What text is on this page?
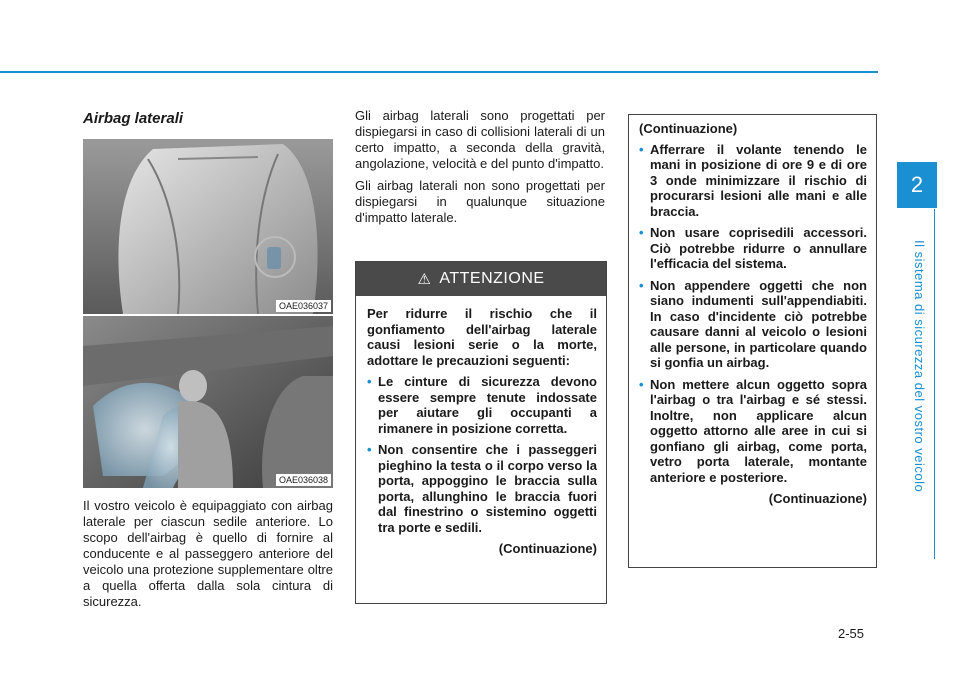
2
Il sistema di sicurezza del vostro veicolo
2-55
Airbag laterali
OAE036037
OAE036038

Il vostro veicolo è equipaggiato con airbag laterale per ciascun sedile anteriore. Lo scopo dell'airbag è quello di fornire al conducente e al passeggero anteriore del veicolo una protezione supplementare oltre a quella offerta dalla sola cintura di sicurezza.

Gli airbag laterali sono progettati per dispiegarsi in caso di collisioni laterali di un certo impatto, a seconda della gravità, angolazione, velocità e del punto d'impatto.

Gli airbag laterali non sono progettati per dispiegarsi in qualunque situazione d'impatto laterale.

⚠ ATTENZIONE

Per ridurre il rischio che il gonfiamento dell'airbag laterale causi lesioni serie o la morte, adottare le precauzioni seguenti:

• Le cinture di sicurezza devono essere sempre tenute indossate per aiutare gli occupanti a rimanere in posizione corretta.
• Non consentire che i passeggeri pieghino la testa o il corpo verso la porta, appoggino le braccia sulla porta, allunghino le braccia fuori dal finestrino o sistemino oggetti tra porte e sedili.
(Continuazione)
(Continuazione)
• Afferrare il volante tenendo le mani in posizione di ore 9 e di ore 3 onde minimizzare il rischio di procurarsi lesioni alle mani e alle braccia.
• Non usare coprisedili accessori. Ciò potrebbe ridurre o annullare l'efficacia del sistema.
• Non appendere oggetti che non siano indumenti sull'appendiabiti. In caso d'incidente ciò potrebbe causare danni al veicolo o lesioni alle persone, in particolare quando si gonfia un airbag.
• Non mettere alcun oggetto sopra l'airbag o tra l'airbag e sé stessi. Inoltre, non applicare alcun oggetto attorno alle aree in cui si gonfiano gli airbag, come porta, vetro porta laterale, montante anteriore e posteriore.
(Continuazione)
